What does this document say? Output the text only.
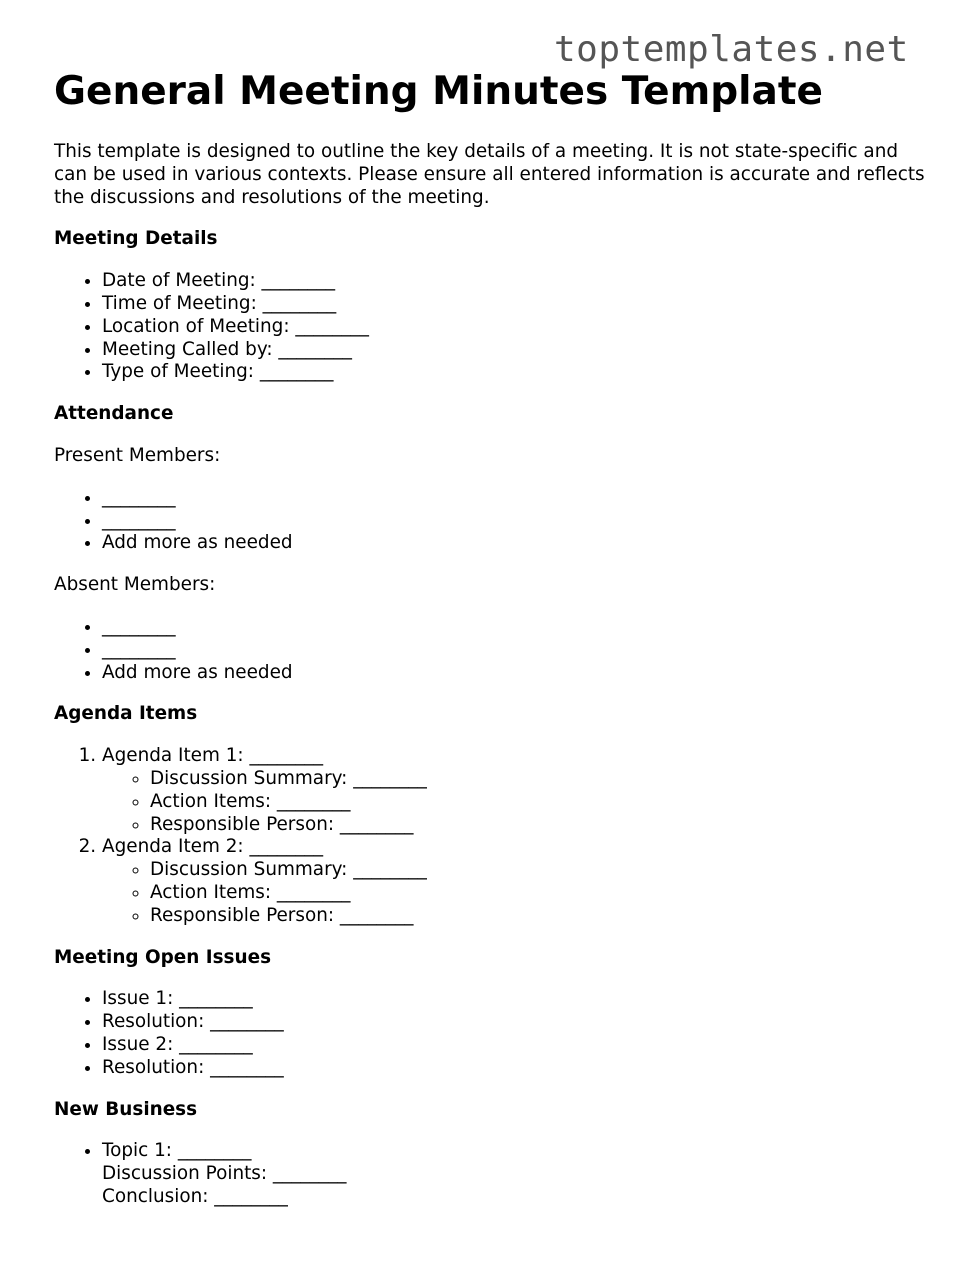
toptemplates.net
General Meeting Minutes Template

This template is designed to outline the key details of a meeting. It is not state-specific and can be used in various contexts. Please ensure all entered information is accurate and reflects the discussions and resolutions of the meeting.

Meeting Details
• Date of Meeting: ________
• Time of Meeting: ________
• Location of Meeting: ________
• Meeting Called by: ________
• Type of Meeting: ________
Attendance

Present Members:

• ________
• ________
• Add more as needed

Absent Members:

• ________
• ________
• Add more as needed
Agenda Items
1. Agenda Item 1: ________
◦ Discussion Summary: ________
◦ Action Items: ________
◦ Responsible Person: ________
2. Agenda Item 2: ________
◦ Discussion Summary: ________
◦ Action Items: ________
◦ Responsible Person: ________
Meeting Open Issues
• Issue 1: ________
• Resolution: ________
• Issue 2: ________
• Resolution: ________
New Business
• Topic 1: ________
Discussion Points: ________
Conclusion: ________
